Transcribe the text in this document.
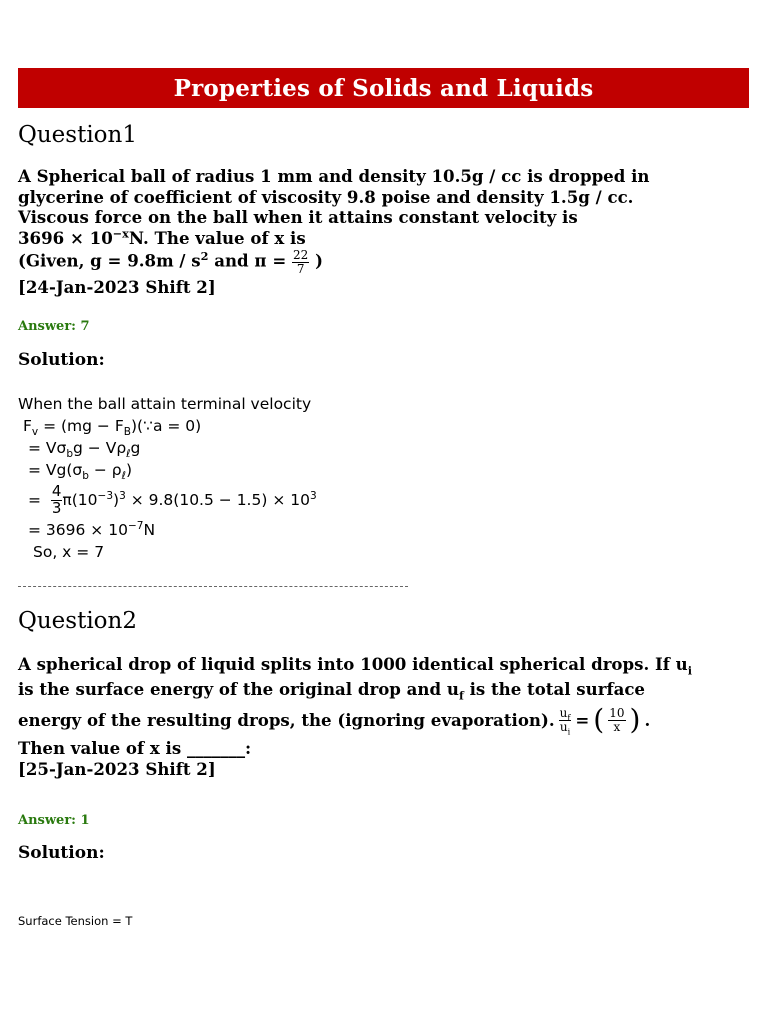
Properties of Solids and Liquids
Question1
A Spherical ball of radius 1 mm and density 10.5g / cc is dropped in
glycerine of coefficient of viscosity 9.8 poise and density 1.5g / cc.
Viscous force on the ball when it attains constant velocity is
$3696 \times 10^{-x}N$. The value of x is
(Given, $g = 9.8m / s^2$ and $\pi = \frac{22}{7}$ )
[24-Jan-2023 Shift 2]
Answer: 7
Solution:
When the ball attain terminal velocity
$F_v = (mg$ − $F_B)(\because a = 0)$
= $V\sigma_bg - V\rho_\ell g$
= $Vg(\sigma_b - \rho_\ell)$
= $\frac{4}{3} \pi(10^{-3})^3 \times 9.8(10.5 - 1.5) \times 10^3$
= $3696 \times 10^{-7}N$
So, x = 7
Question2
A spherical drop of liquid splits into 1000 identical spherical drops. If $u_i$
is the surface energy of the original drop and $u_f$ is the total surface
energy of the resulting drops, the (ignoring evaporation). $\frac{u_f}{u_i}$ = ( $\frac{10}{x}$ ) .
Then value of x is _______:
[25-Jan-2023 Shift 2]
Answer: 1
Solution:
Surface Tension = T
